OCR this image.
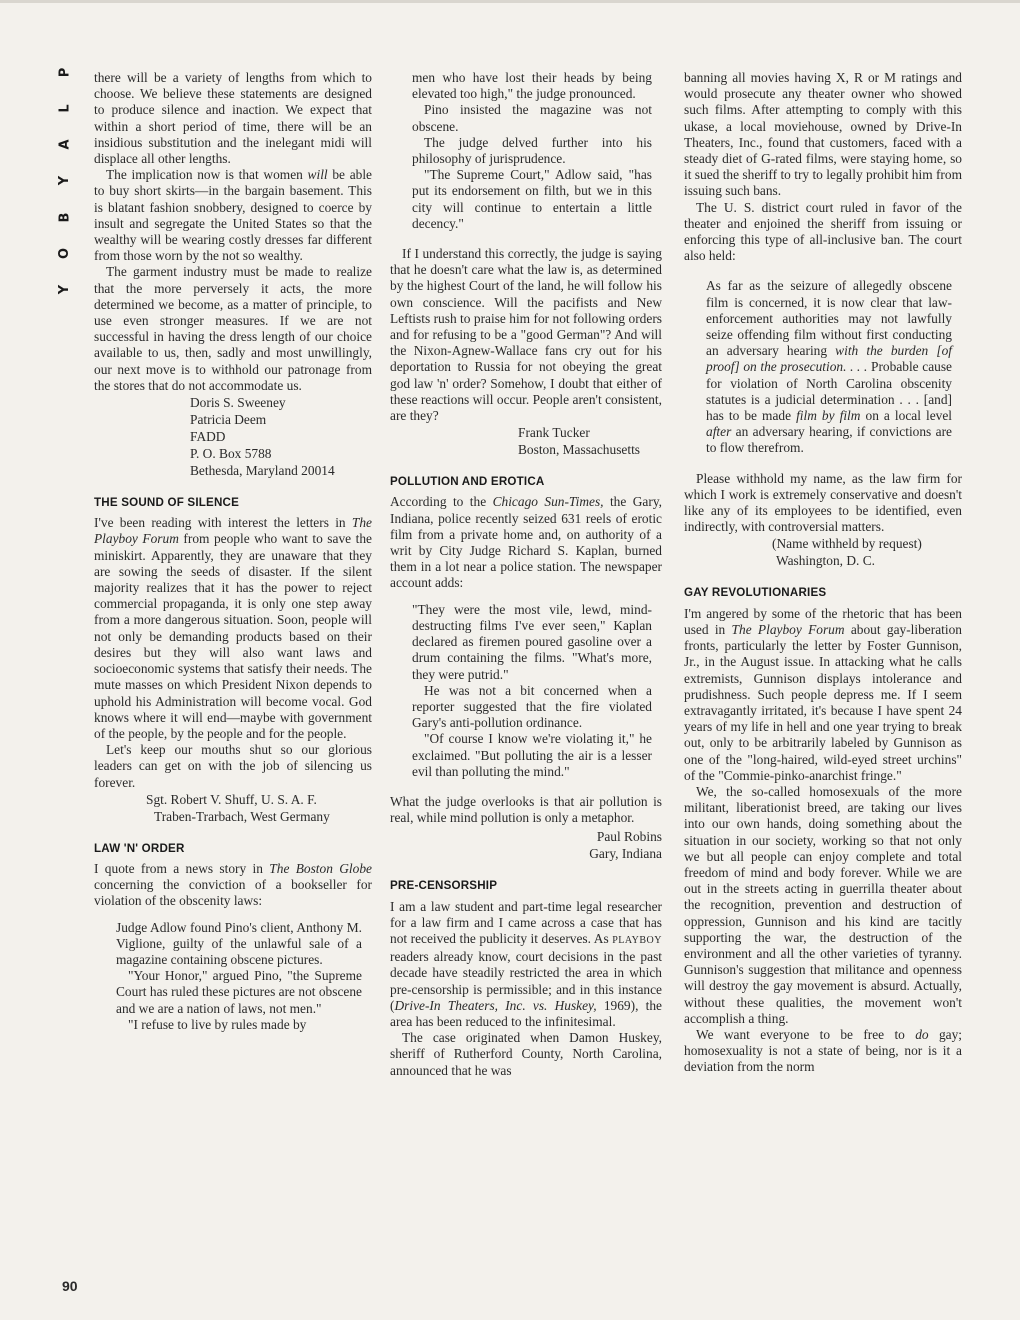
P
L
A
Y
B
O
Y

there will be a variety of lengths from which to choose. We believe these statements are designed to produce silence and inaction. We expect that within a short period of time, there will be an insidious substitution and the inelegant midi will displace all other lengths.

The implication now is that women will be able to buy short skirts—in the bargain basement. This is blatant fashion snobbery, designed to coerce by insult and segregate the United States so that the wealthy will be wearing costly dresses far different from those worn by the not so wealthy.

The garment industry must be made to realize that the more perversely it acts, the more determined we become, as a matter of principle, to use even stronger measures. If we are not successful in having the dress length of our choice available to us, then, sadly and most unwillingly, our next move is to withhold our patronage from the stores that do not accommodate us.

Doris S. Sweeney
Patricia Deem
FADD
P. O. Box 5788
Bethesda, Maryland 20014
THE SOUND OF SILENCE

I've been reading with interest the letters in The Playboy Forum from people who want to save the miniskirt. Apparently, they are unaware that they are sowing the seeds of disaster. If the silent majority realizes that it has the power to reject commercial propaganda, it is only one step away from a more dangerous situation. Soon, people will not only be demanding products based on their desires but they will also want laws and socioeconomic systems that satisfy their needs. The mute masses on which President Nixon depends to uphold his Administration will become vocal. God knows where it will end—maybe with government of the people, by the people and for the people.

Let's keep our mouths shut so our glorious leaders can get on with the job of silencing us forever.

Sgt. Robert V. Shuff, U. S. A. F.
Traben-Trarbach, West Germany
LAW 'N' ORDER

I quote from a news story in The Boston Globe concerning the conviction of a bookseller for violation of the obscenity laws:

Judge Adlow found Pino's client, Anthony M. Viglione, guilty of the unlawful sale of a magazine containing obscene pictures.

"Your Honor," argued Pino, "the Supreme Court has ruled these pictures are not obscene and we are a nation of laws, not men."

"I refuse to live by rules made by

men who have lost their heads by being elevated too high," the judge pronounced.

Pino insisted the magazine was not obscene.

The judge delved further into his philosophy of jurisprudence.

"The Supreme Court," Adlow said, "has put its endorsement on filth, but we in this city will continue to entertain a little decency."

If I understand this correctly, the judge is saying that he doesn't care what the law is, as determined by the highest Court of the land, he will follow his own conscience. Will the pacifists and New Leftists rush to praise him for not following orders and for refusing to be a "good German"? And will the Nixon-Agnew-Wallace fans cry out for his deportation to Russia for not obeying the great god law 'n' order? Somehow, I doubt that either of these reactions will occur. People aren't consistent, are they?

Frank Tucker
Boston, Massachusetts
POLLUTION AND EROTICA

According to the Chicago Sun-Times, the Gary, Indiana, police recently seized 631 reels of erotic film from a private home and, on authority of a writ by City Judge Richard S. Kaplan, burned them in a lot near a police station. The newspaper account adds:

"They were the most vile, lewd, mind-destructing films I've ever seen," Kaplan declared as firemen poured gasoline over a drum containing the films. "What's more, they were putrid."

He was not a bit concerned when a reporter suggested that the fire violated Gary's anti-pollution ordinance.

"Of course I know we're violating it," he exclaimed. "But polluting the air is a lesser evil than polluting the mind."

What the judge overlooks is that air pollution is real, while mind pollution is only a metaphor.

Paul Robins
Gary, Indiana
PRE-CENSORSHIP

I am a law student and part-time legal researcher for a law firm and I came across a case that has not received the publicity it deserves. As PLAYBOY readers already know, court decisions in the past decade have steadily restricted the area in which pre-censorship is permissible; and in this instance (Drive-In Theaters, Inc. vs. Huskey, 1969), the area has been reduced to the infinitesimal.

The case originated when Damon Huskey, sheriff of Rutherford County, North Carolina, announced that he was

banning all movies having X, R or M ratings and would prosecute any theater owner who showed such films. After attempting to comply with this ukase, a local moviehouse, owned by Drive-In Theaters, Inc., found that customers, faced with a steady diet of G-rated films, were staying home, so it sued the sheriff to try to legally prohibit him from issuing such bans.

The U. S. district court ruled in favor of the theater and enjoined the sheriff from issuing or enforcing this type of all-inclusive ban. The court also held:

As far as the seizure of allegedly obscene film is concerned, it is now clear that law-enforcement authorities may not lawfully seize offending film without first conducting an adversary hearing with the burden [of proof] on the prosecution. . . . Probable cause for violation of North Carolina obscenity statutes is a judicial determination . . . [and] has to be made film by film on a local level after an adversary hearing, if convictions are to flow therefrom.

Please withhold my name, as the law firm for which I work is extremely conservative and doesn't like any of its employees to be identified, even indirectly, with controversial matters.

(Name withheld by request)
Washington, D. C.
GAY REVOLUTIONARIES

I'm angered by some of the rhetoric that has been used in The Playboy Forum about gay-liberation fronts, particularly the letter by Foster Gunnison, Jr., in the August issue. In attacking what he calls extremists, Gunnison displays intolerance and prudishness. Such people depress me. If I seem extravagantly irritated, it's because I have spent 24 years of my life in hell and one year trying to break out, only to be arbitrarily labeled by Gunnison as one of the "long-haired, wild-eyed street urchins" of the "Commie-pinko-anarchist fringe."

We, the so-called homosexuals of the more militant, liberationist breed, are taking our lives into our own hands, doing something about the situation in our society, working so that not only we but all people can enjoy complete and total freedom of mind and body forever. While we are out in the streets acting in guerrilla theater about the recognition, prevention and destruction of oppression, Gunnison and his kind are tacitly supporting the war, the destruction of the environment and all the other varieties of tyranny. Gunnison's suggestion that militance and openness will destroy the gay movement is absurd. Actually, without these qualities, the movement won't accomplish a thing.

We want everyone to be free to do gay; homosexuality is not a state of being, nor is it a deviation from the norm

90
